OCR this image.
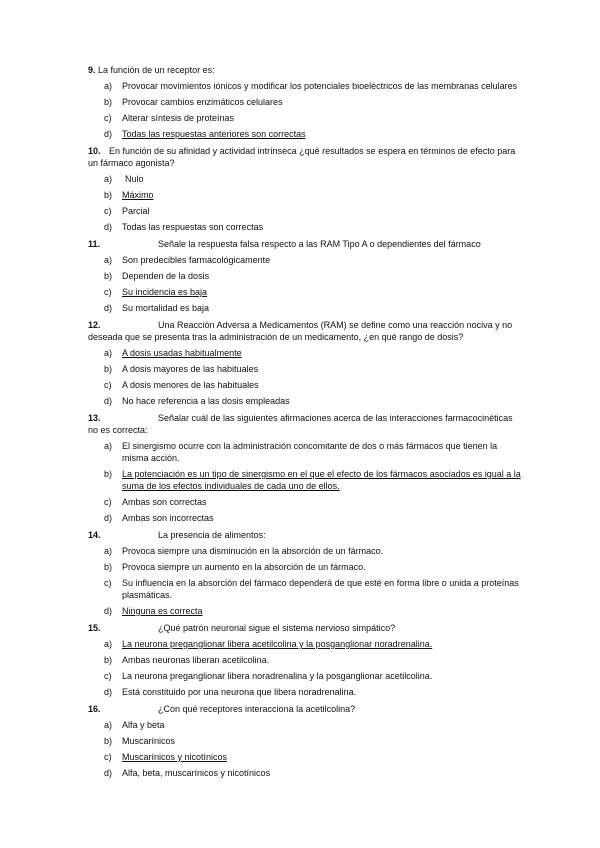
9. La función de un receptor es:
a) Provocar movimientos iónicos y modificar los potenciales bioeléctricos de las membranas celulares
b) Provocar cambios enzimáticos celulares
c) Alterar síntesis de proteínas
d) Todas las respuestas anteriores son correctas
10. En función de su afinidad y actividad intrínseca ¿qué resultados se espera en términos de efecto para un fármaco agonista?
a) Nulo
b) Máximo
c) Parcial
d) Todas las respuestas son correctas
11.	Señale la respuesta falsa respecto a las RAM Tipo A o dependientes del fármaco
a) Son predecibles farmacológicamente
b) Dependen de la dosis
c) Su incidencia es baja
d) Su mortalidad es baja
12.	Una Reacción Adversa a Medicamentos (RAM) se define como una reacción nociva y no
deseada que se presenta tras la administración de un medicamento, ¿en qué rango de dosis?
a) A dosis usadas habitualmente
b) A dosis mayores de las habituales
c) A dosis menores de las habituales
d) No hace referencia a las dosis empleadas
13.	Señalar cuál de las siguientes afirmaciones acerca de las interacciones farmacocinéticas
no es correcta:
a) El sinergismo ocurre con la administración concomitante de dos o más fármacos que tienen la misma acción.
b) La potenciación es un tipo de sinergismo en el que el efecto de los fármacos asociados es igual a la suma de los efectos individuales de cada uno de ellos.
c) Ambas son correctas
d) Ambas son incorrectas
14.	La presencia de alimentos:
a) Provoca siempre una disminución en la absorción de un fármaco.
b) Provoca siempre un aumento en la absorción de un fármaco.
c) Su influencia en la absorción del fármaco dependerá de que esté en forma libre o unida a proteínas plasmáticas.
d) Ninguna es correcta
15.	¿Qué patrón neuronal sigue el sistema nervioso simpático?
a) La neurona preganglionar libera acetilcolina y la posganglionar noradrenalina.
b) Ambas neuronas liberan acetilcolina.
c) La neurona preganglionar libera noradrenalina y la posganglionar acetilcolina.
d) Está constituido por una neurona que libera noradrenalina.
16.	¿Con qué receptores interacciona la acetilcolina?
a) Alfa y beta
b) Muscarínicos
c) Muscarínicos y nicotínicos
d) Alfa, beta, muscarínicos y nicotínicos
